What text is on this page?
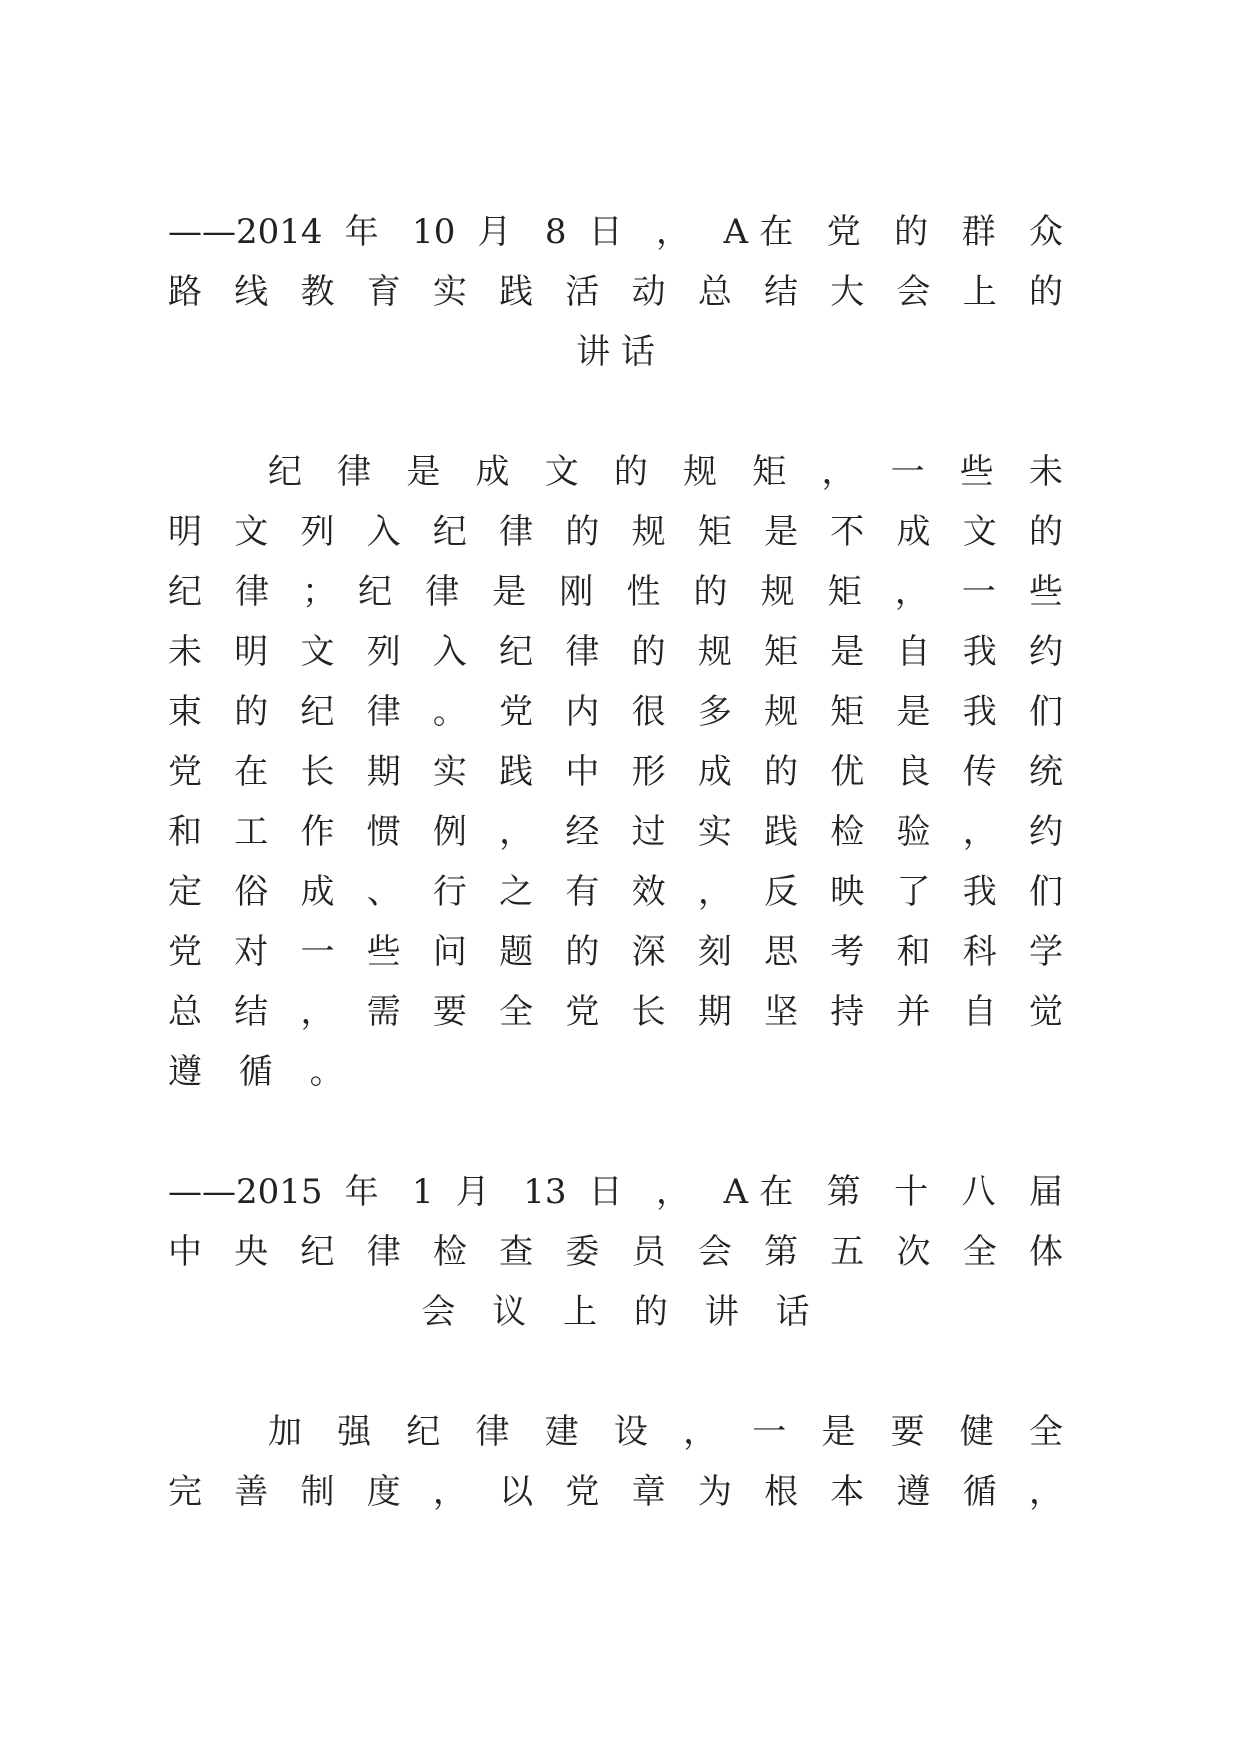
——2014 年 10 月 8 日 ， A在 党 的 群 众
路 线 教 育 实 践 活 动 总 结 大 会 上 的
讲 话
纪 律 是 成 文 的 规 矩 ， 一 些 未
明 文 列 入 纪 律 的 规 矩 是 不 成 文 的
纪 律 ； 纪 律 是 刚 性 的 规 矩 ， 一 些
未 明 文 列 入 纪 律 的 规 矩 是 自 我 约
束 的 纪 律 。 党 内 很 多 规 矩 是 我 们
党 在 长 期 实 践 中 形 成 的 优 良 传 统
和 工 作 惯 例 ， 经 过 实 践 检 验 ， 约
定 俗 成 、 行 之 有 效 ， 反 映 了 我 们
党 对 一 些 问 题 的 深 刻 思 考 和 科 学
总 结 ， 需 要 全 党 长 期 坚 持 并 自 觉
遵 循 。
——2015 年 1 月 13 日 ， A在 第 十 八 届
中 央 纪 律 检 查 委 员 会 第 五 次 全 体
会 议 上 的 讲 话
加 强 纪 律 建 设 ， 一 是 要 健 全
完 善 制 度 ， 以 党 章 为 根 本 遵 循 ，
